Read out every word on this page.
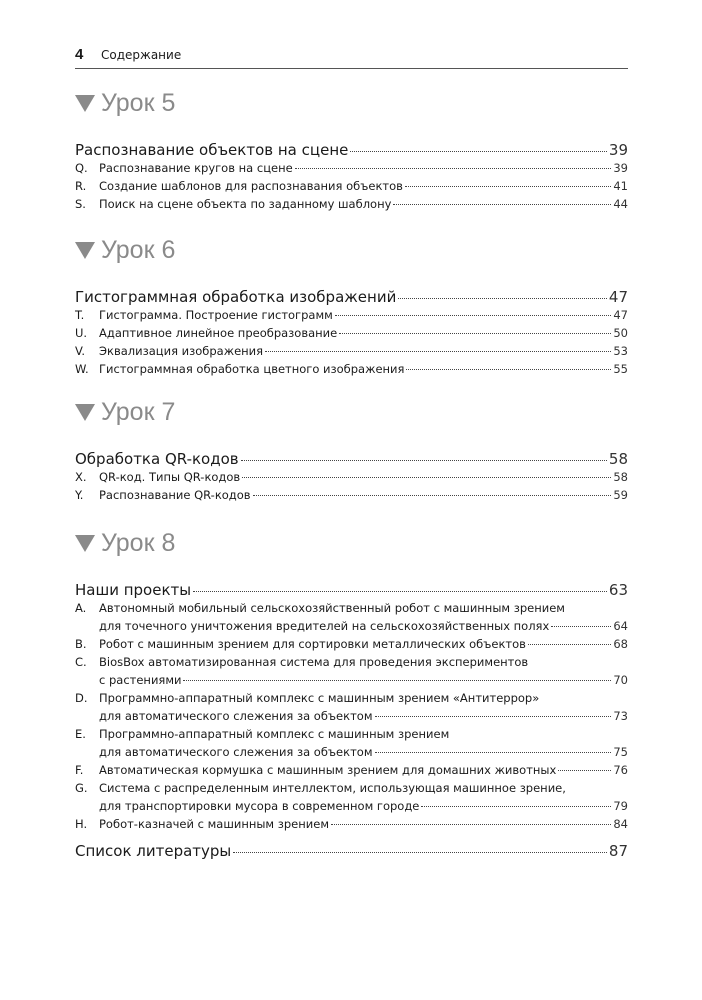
4 Содержание
Урок 5
Распознавание объектов на сцене	39
Q. Распознавание кругов на сцене	39
R.	Создание шаблонов для распознавания объектов	41
S.	Поиск на сцене объекта по заданному шаблону	44
Урок 6
Гистограммная обработка изображений	47
T.	Гистограмма. Построение гистограмм	47
U.	Адаптивное линейное преобразование	50
V.	Эквализация изображения	53
W. Гистограммная обработка цветного изображения	55
Урок 7
Обработка QR-кодов	58
X.	QR-код. Типы QR-кодов	58
Y.	Распознавание QR-кодов	59
Урок 8
Наши проекты	63
A.	Автономный мобильный сельскохозяйственный робот с машинным зрением
для точечного уничтожения вредителей на сельскохозяйственных полях	64
B.	Робот с машинным зрением для сортировки металлических объектов	68
C.	BiosBox автоматизированная система для проведения экспериментов
с растениями	70
D. Программно-аппаратный комплекс с машинным зрением «Антитеррор»
для автоматического слежения за объектом	73
E.	Программно-аппаратный комплекс с машинным зрением
для автоматического слежения за объектом	75
F.	Автоматическая кормушка с машинным зрением для домашних животных	76
G. Система с распределенным интеллектом, использующая машинное зрение,
для транспортировки мусора в современном городе	79
H.	Робот-казначей с машинным зрением	84
Список литературы	87
